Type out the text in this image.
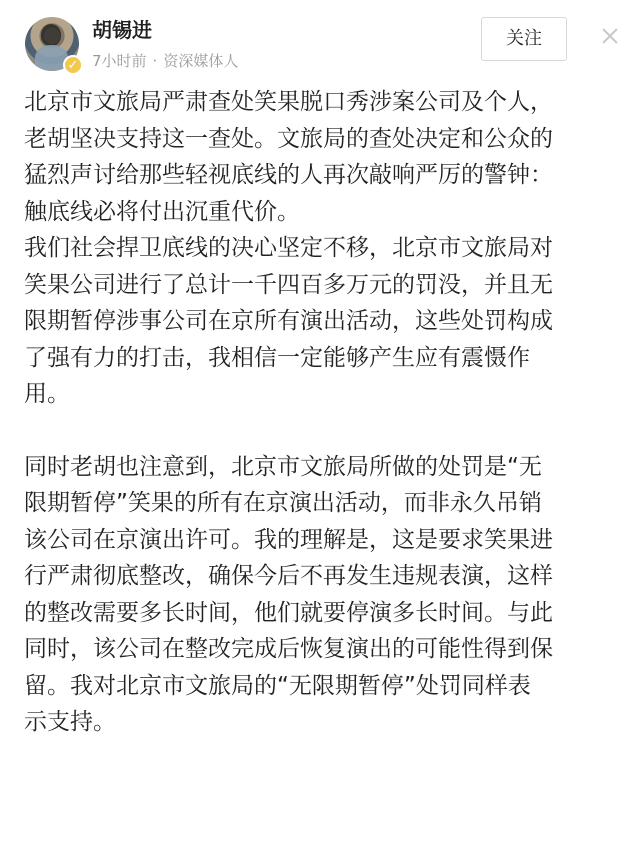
✓
胡锡进
7小时前 · 资深媒体人
关注

北京市文旅局严肃查处笑果脱口秀涉案公司及个人，
老胡坚决支持这一查处。文旅局的查处决定和公众的
猛烈声讨给那些轻视底线的人再次敲响严厉的警钟：
触底线必将付出沉重代价。

我们社会捍卫底线的决心坚定不移，北京市文旅局对
笑果公司进行了总计一千四百多万元的罚没，并且无
限期暂停涉事公司在京所有演出活动，这些处罚构成
了强有力的打击，我相信一定能够产生应有震慑作
用。

同时老胡也注意到，北京市文旅局所做的处罚是“无
限期暂停”笑果的所有在京演出活动，而非永久吊销
该公司在京演出许可。我的理解是，这是要求笑果进
行严肃彻底整改，确保今后不再发生违规表演，这样
的整改需要多长时间，他们就要停演多长时间。与此
同时，该公司在整改完成后恢复演出的可能性得到保
留。我对北京市文旅局的“无限期暂停”处罚同样表
示支持。
